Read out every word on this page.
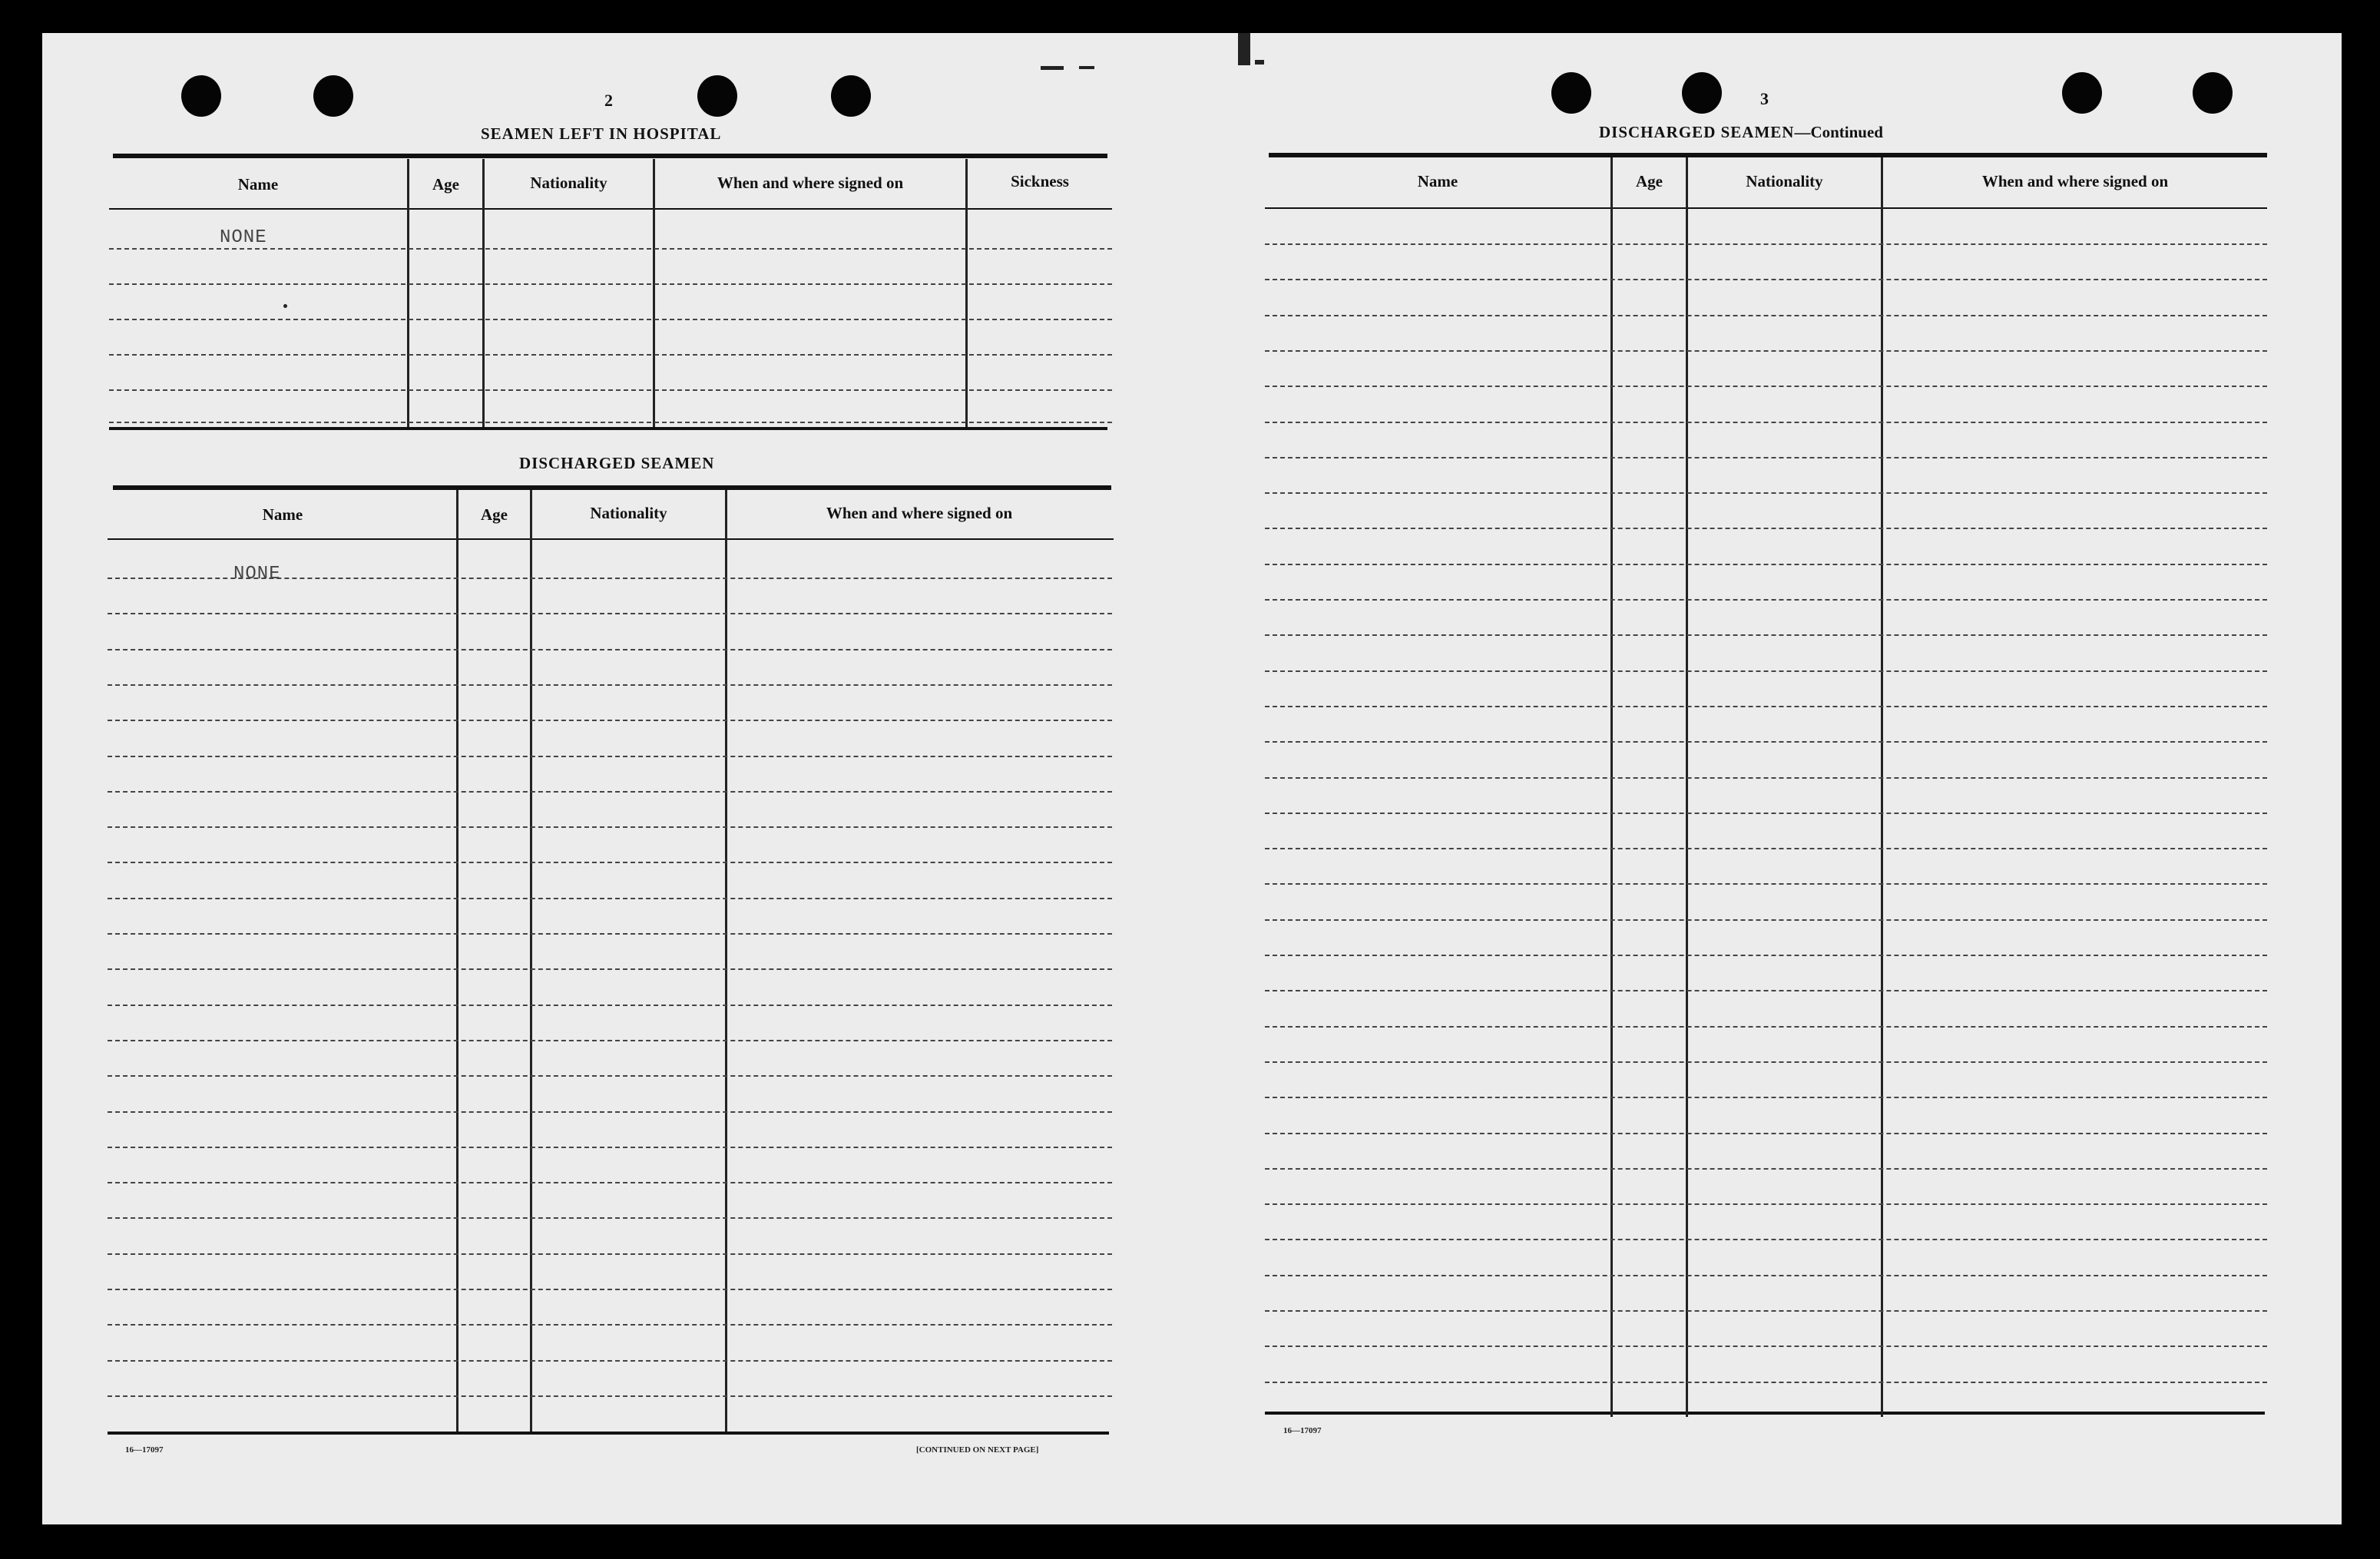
2
SEAMEN LEFT IN HOSPITAL
Name	Age	Nationality	When and where signed on	Sickness
NONE
DISCHARGED SEAMEN
Name	Age	Nationality	When and where signed on
NONE
16—17097	[CONTINUED ON NEXT PAGE]
3
DISCHARGED SEAMEN—Continued
Name	Age	Nationality	When and where signed on
16—17097
